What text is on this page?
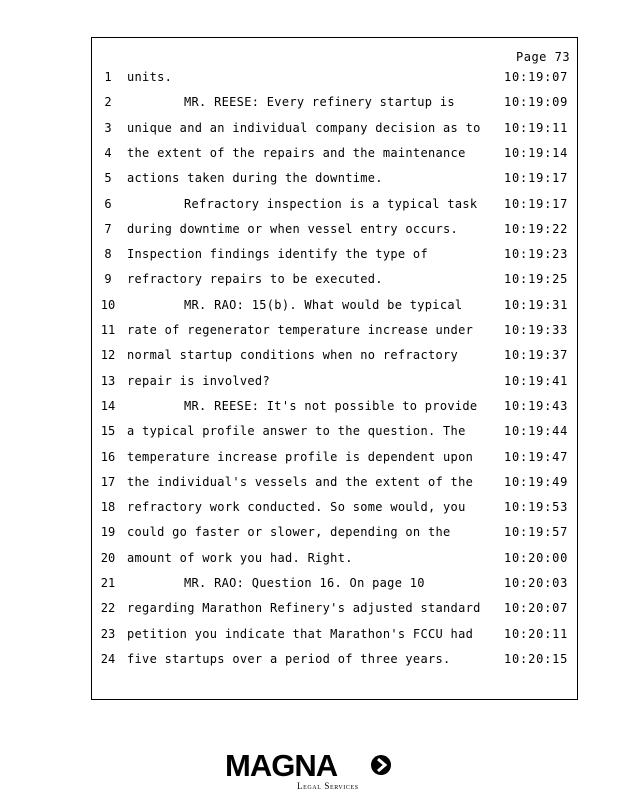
Page 73
1	units.	10:19:07
2	MR. REESE: Every refinery startup is	10:19:09
3	unique and an individual company decision as to 10:19:11
4	the extent of the repairs and the maintenance	10:19:14
5	actions taken during the downtime.	10:19:17
6	Refractory inspection is a typical task 10:19:17
7	during downtime or when vessel entry occurs.	10:19:22
8	Inspection findings identify the type of	10:19:23
9	refractory repairs to be executed.	10:19:25
10	MR. RAO: 15(b). What would be typical	10:19:31
11 rate of regenerator temperature increase under	10:19:33
12 normal startup conditions when no refractory	10:19:37
13 repair is involved?	10:19:41
14	MR. REESE: It's not possible to provide 10:19:43
15 a typical profile answer to the question. The	10:19:44
16 temperature increase profile is dependent upon	10:19:47
17 the individual's vessels and the extent of the	10:19:49
18 refractory work conducted. So some would, you	10:19:53
19 could go faster or slower, depending on the	10:19:57
20 amount of work you had. Right.	10:20:00
21	MR. RAO: Question 16. On page 10	10:20:03
22 regarding Marathon Refinery's adjusted standard 10:20:07
23 petition you indicate that Marathon's FCCU had	10:20:11
24 five startups over a period of three years.	10:20:15
MAGNA
Legal Services
